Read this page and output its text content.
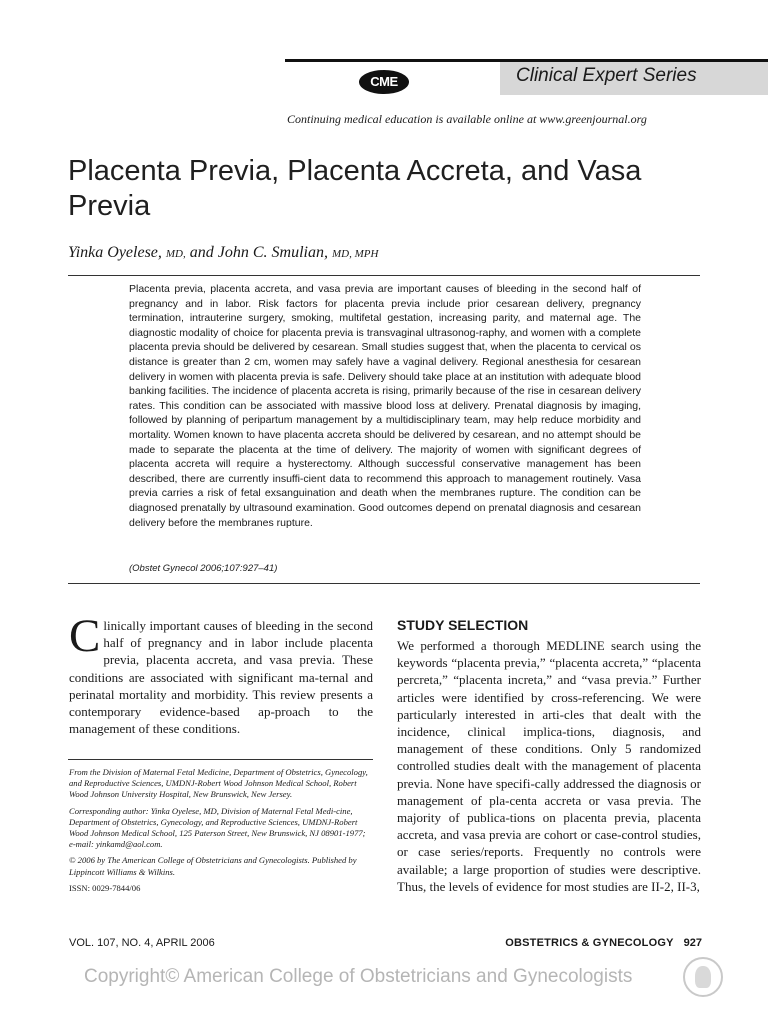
Clinical Expert Series
CME
Continuing medical education is available online at www.greenjournal.org
Placenta Previa, Placenta Accreta, and Vasa Previa
Yinka Oyelese, MD, and John C. Smulian, MD, MPH

Placenta previa, placenta accreta, and vasa previa are important causes of bleeding in the second half of pregnancy and in labor. Risk factors for placenta previa include prior cesarean delivery, pregnancy termination, intrauterine surgery, smoking, multifetal gestation, increasing parity, and maternal age. The diagnostic modality of choice for placenta previa is transvaginal ultrasonog-raphy, and women with a complete placenta previa should be delivered by cesarean. Small studies suggest that, when the placenta to cervical os distance is greater than 2 cm, women may safely have a vaginal delivery. Regional anesthesia for cesarean delivery in women with placenta previa is safe. Delivery should take place at an institution with adequate blood banking facilities. The incidence of placenta accreta is rising, primarily because of the rise in cesarean delivery rates. This condition can be associated with massive blood loss at delivery. Prenatal diagnosis by imaging, followed by planning of peripartum management by a multidisciplinary team, may help reduce morbidity and mortality. Women known to have placenta accreta should be delivered by cesarean, and no attempt should be made to separate the placenta at the time of delivery. The majority of women with significant degrees of placenta accreta will require a hysterectomy. Although successful conservative management has been described, there are currently insuffi-cient data to recommend this approach to management routinely. Vasa previa carries a risk of fetal exsanguination and death when the membranes rupture. The condition can be diagnosed prenatally by ultrasound examination. Good outcomes depend on prenatal diagnosis and cesarean delivery before the membranes rupture.

(Obstet Gynecol 2006;107:927–41)

Clinically important causes of bleeding in the second half of pregnancy and in labor include placenta previa, placenta accreta, and vasa previa. These conditions are associated with significant ma-ternal and perinatal mortality and morbidity. This review presents a contemporary evidence-based ap-proach to the management of these conditions.

From the Division of Maternal Fetal Medicine, Department of Obstetrics, Gynecology, and Reproductive Sciences, UMDNJ-Robert Wood Johnson Medical School, Robert Wood Johnson University Hospital, New Brunswick, New Jersey.

Corresponding author: Yinka Oyelese, MD, Division of Maternal Fetal Medi-cine, Department of Obstetrics, Gynecology, and Reproductive Sciences, UMDNJ-Robert Wood Johnson Medical School, 125 Paterson Street, New Brunswick, NJ 08901-1977; e-mail: yinkamd@aol.com.

© 2006 by The American College of Obstetricians and Gynecologists. Published by Lippincott Williams & Wilkins.

ISSN: 0029-7844/06

STUDY SELECTION

We performed a thorough MEDLINE search using the keywords “placenta previa,” “placenta accreta,” “placenta percreta,” “placenta increta,” and “vasa previa.” Further articles were identified by cross-referencing. We were particularly interested in arti-cles that dealt with the incidence, clinical implica-tions, diagnosis, and management of these conditions. Only 5 randomized controlled studies dealt with the management of placenta previa. None have specifi-cally addressed the diagnosis or management of pla-centa accreta or vasa previa. The majority of publica-tions on placenta previa, placenta accreta, and vasa previa are cohort or case-control studies, or case series/reports. Frequently no controls were available; a large proportion of studies were descriptive. Thus, the levels of evidence for most studies are II-2, II-3,

VOL. 107, NO. 4, APRIL 2006	OBSTETRICS & GYNECOLOGY 927
Copyright© American College of Obstetricians and Gynecologists
